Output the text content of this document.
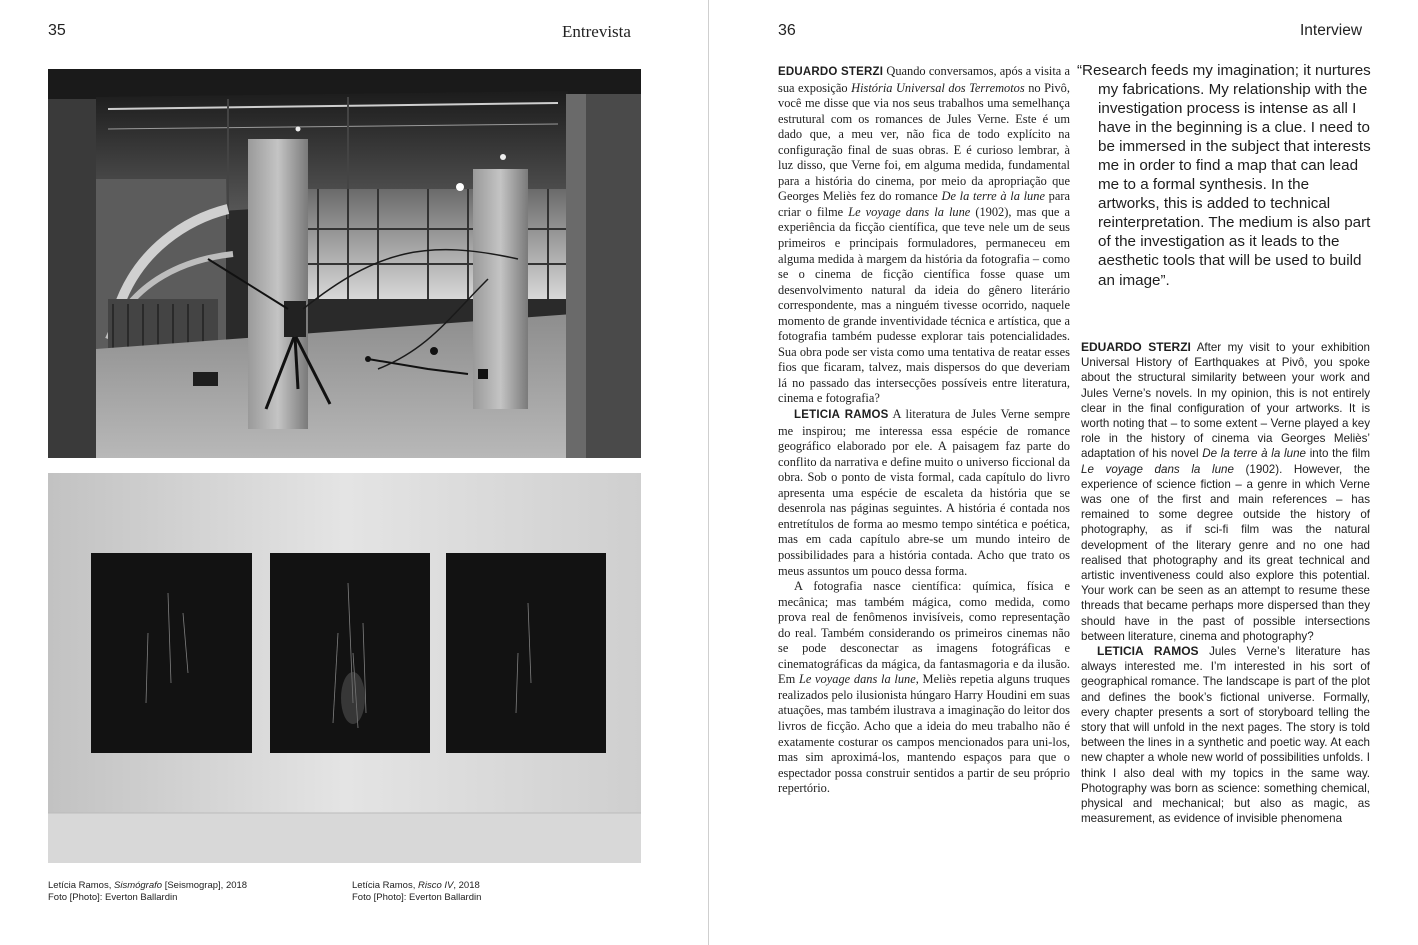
35	Entrevista	36	Interview
Letícia Ramos, Sismógrafo [Seismograp], 2018
Foto [Photo]: Everton Ballardin
Letícia Ramos, Risco IV, 2018
Foto [Photo]: Everton Ballardin

EDUARDO STERZI Quando conversamos, após a visita a sua exposição História Universal dos Terremotos no Pivô, você me disse que via nos seus trabalhos uma semelhança estrutural com os romances de Jules Verne. Este é um dado que, a meu ver, não fica de todo explícito na configuração final de suas obras. E é curioso lembrar, à luz disso, que Verne foi, em alguma medida, fundamental para a história do cinema, por meio da apropriação que Georges Meliès fez do romance De la terre à la lune para criar o filme Le voyage dans la lune (1902), mas que a experiência da ficção científica, que teve nele um de seus primeiros e principais formuladores, permaneceu em alguma medida à margem da história da fotografia – como se o cinema de ficção científica fosse quase um desenvolvimento natural da ideia do gênero literário correspondente, mas a ninguém tivesse ocorrido, naquele momento de grande inventividade técnica e artística, que a fotografia também pudesse explorar tais potencialidades. Sua obra pode ser vista como uma tentativa de reatar esses fios que ficaram, talvez, mais dispersos do que deveriam lá no passado das intersecções possíveis entre literatura, cinema e fotografia?

LETICIA RAMOS A literatura de Jules Verne sempre me inspirou; me interessa essa espécie de romance geográfico elaborado por ele. A paisagem faz parte do conflito da narrativa e define muito o universo ficcional da obra. Sob o ponto de vista formal, cada capítulo do livro apresenta uma espécie de escaleta da história que se desenrola nas páginas seguintes. A história é contada nos entretítulos de forma ao mesmo tempo sintética e poética, mas em cada capítulo abre-se um mundo inteiro de possibilidades para a história contada. Acho que trato os meus assuntos um pouco dessa forma.

A fotografia nasce científica: química, física e mecânica; mas também mágica, como medida, como prova real de fenômenos invisíveis, como representação do real. Também considerando os primeiros cinemas não se pode desconectar as imagens fotográficas e cinematográficas da mágica, da fantasmagoria e da ilusão. Em Le voyage dans la lune, Meliès repetia alguns truques realizados pelo ilusionista húngaro Harry Houdini em suas atuações, mas também ilustrava a imaginação do leitor dos livros de ficção. Acho que a ideia do meu trabalho não é exatamente costurar os campos mencionados para uni-los, mas sim aproximá-los, mantendo espaços para que o espectador possa construir sentidos a partir de seu próprio repertório.

“Research feeds my imagination; it nurtures my fabrications. My relationship with the investigation process is intense as all I have in the beginning is a clue. I need to be immersed in the subject that interests me in order to find a map that can lead me to a formal synthesis. In the artworks, this is added to technical reinterpretation. The medium is also part of the investigation as it leads to the aesthetic tools that will be used to build an image”.

EDUARDO STERZI After my visit to your exhibition Universal History of Earthquakes at Pivô, you spoke about the structural similarity between your work and Jules Verne’s novels. In my opinion, this is not entirely clear in the final configuration of your artworks. It is worth noting that – to some extent – Verne played a key role in the history of cinema via Georges Meliès’ adaptation of his novel De la terre à la lune into the film Le voyage dans la lune (1902). However, the experience of science fiction – a genre in which Verne was one of the first and main references – has remained to some degree outside the history of photography, as if sci-fi film was the natural development of the literary genre and no one had realised that photography and its great technical and artistic inventiveness could also explore this potential. Your work can be seen as an attempt to resume these threads that became perhaps more dispersed than they should have in the past of possible intersections between literature, cinema and photography?

LETICIA RAMOS Jules Verne’s literature has always interested me. I’m interested in his sort of geographical romance. The landscape is part of the plot and defines the book’s fictional universe. Formally, every chapter presents a sort of storyboard telling the story that will unfold in the next pages. The story is told between the lines in a synthetic and poetic way. At each new chapter a whole new world of possibilities unfolds. I think I also deal with my topics in the same way. Photography was born as science: something chemical, physical and mechanical; but also as magic, as measurement, as evidence of invisible phenomena
